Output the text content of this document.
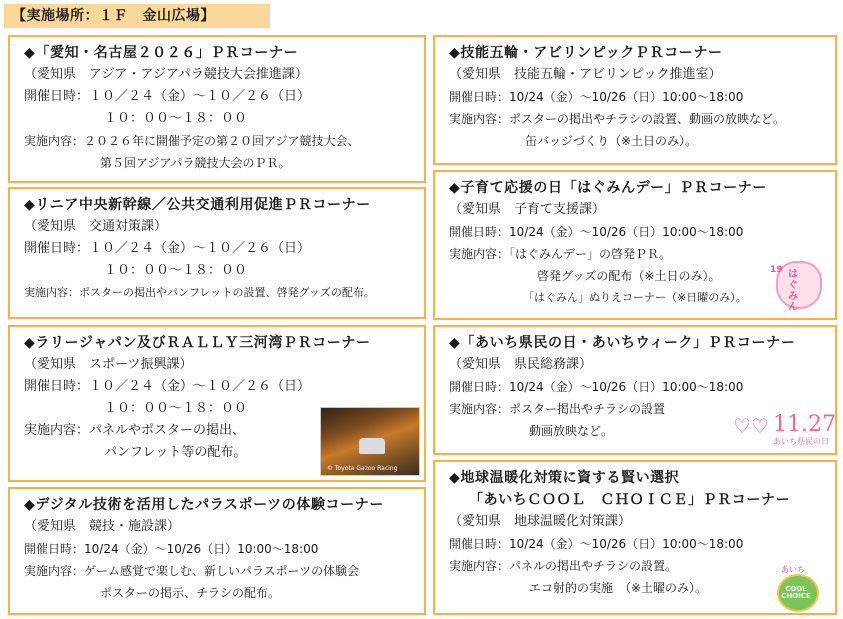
【実施場所：１Ｆ　金山広場】
◆「愛知・名古屋２０２６」ＰＲコーナー
（愛知県　アジア・アジアパラ競技大会推進課）
開催日時：１０／２４（金）～１０／２６（日）
１０：００～１８：００
実施内容：２０２６年に開催予定の第２０回アジア競技大会、
第５回アジアパラ競技大会のＰＲ。
◆リニア中央新幹線／公共交通利用促進ＰＲコーナー
（愛知県　交通対策課）
開催日時：１０／２４（金）～１０／２６（日）
１０：００～１８：００
実施内容：ポスターの掲出やパンフレットの設置、啓発グッズの配布。
◆ラリージャパン及びＲＡＬＬＹ三河湾ＰＲコーナー
（愛知県　スポーツ振興課）
開催日時：１０／２４（金）～１０／２６（日）
１０：００～１８：００
実施内容：パネルやポスターの掲出、
パンフレット等の配布。
© Toyota Gazoo Racing
◆デジタル技術を活用したパラスポーツの体験コーナー
（愛知県　競技・施設課）
開催日時：10/24（金）～10/26（日）10:00～18:00
実施内容：ゲーム感覚で楽しむ、新しいパラスポーツの体験会
ポスターの掲示、チラシの配布。
◆技能五輪・アビリンピックＰＲコーナー
（愛知県　技能五輪・アビリンピック推進室）
開催日時：10/24（金）～10/26（日）10:00～18:00
実施内容：ポスターの掲出やチラシの設置、動画の放映など。
缶バッジづくり（※土日のみ）。
◆子育て応援の日「はぐみんデー」ＰＲコーナー
（愛知県　子育て支援課）
開催日時：10/24（金）～10/26（日）10:00～18:00
実施内容：「はぐみんデー」の啓発ＰＲ。
啓発グッズの配布（※土日のみ）。
「はぐみん」ぬりえコーナー（※日曜のみ）。
19 はぐみん
◆「あいち県民の日・あいちウィーク」ＰＲコーナー
（愛知県　県民総務課）
開催日時：10/24（金）～10/26（日）10:00～18:00
実施内容：ポスター掲出やチラシの設置
動画放映など。	♡♡ 11.27
あいち県民の日
◆地球温暖化対策に資する賢い選択
「あいちＣＯＯＬ　ＣＨＯＩＣＥ」ＰＲコーナー
（愛知県　地球温暖化対策課）
開催日時：10/24（金）～10/26（日）10:00～18:00
実施内容：パネルの掲出やチラシの設置。
エコ射的の実施　（※土曜のみ）。
あいち
COOL CHOICE
